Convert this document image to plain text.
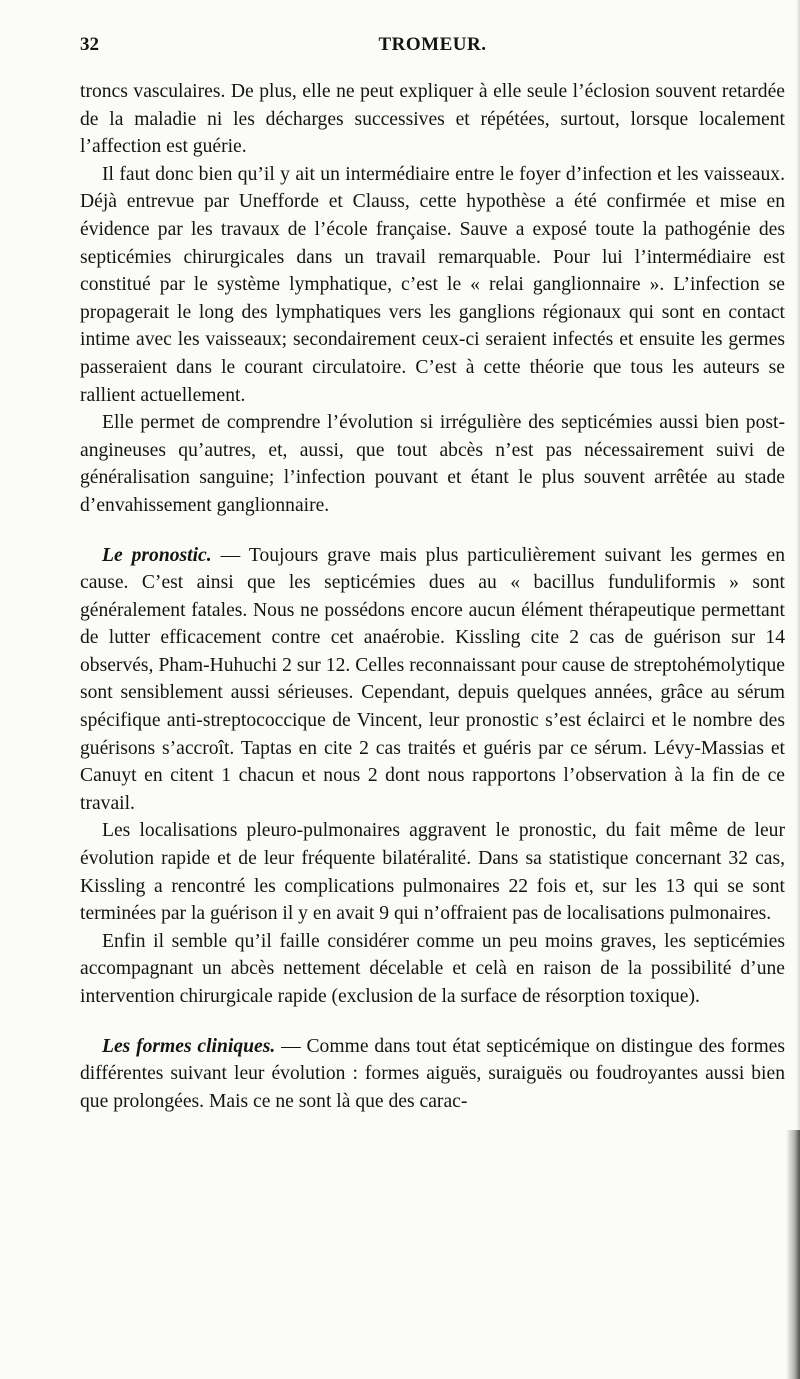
32	TROMEUR.

troncs vasculaires. De plus, elle ne peut expliquer à elle seule l’éclosion souvent retardée de la maladie ni les décharges successives et répétées, surtout, lorsque localement l’affection est guérie.

Il faut donc bien qu’il y ait un intermédiaire entre le foyer d’infection et les vaisseaux. Déjà entrevue par Unefforde et Clauss, cette hypothèse a été confirmée et mise en évidence par les travaux de l’école française. Sauve a exposé toute la pathogénie des septicémies chirurgicales dans un travail remarquable. Pour lui l’intermédiaire est constitué par le système lymphatique, c’est le « relai ganglionnaire ». L’infection se propagerait le long des lymphatiques vers les ganglions régionaux qui sont en contact intime avec les vaisseaux; secondairement ceux-ci seraient infectés et ensuite les germes passeraient dans le courant circulatoire. C’est à cette théorie que tous les auteurs se rallient actuellement.

Elle permet de comprendre l’évolution si irrégulière des septicémies aussi bien post-angineuses qu’autres, et, aussi, que tout abcès n’est pas nécessairement suivi de généralisation sanguine; l’infection pouvant et étant le plus souvent arrêtée au stade d’envahissement ganglionnaire.

Le pronostic. — Toujours grave mais plus particulièrement suivant les germes en cause. C’est ainsi que les septicémies dues au « bacillus funduliformis » sont généralement fatales. Nous ne possédons encore aucun élément thérapeutique permettant de lutter efficacement contre cet anaérobie. Kissling cite 2 cas de guérison sur 14 observés, Pham-Huhuchi 2 sur 12. Celles reconnaissant pour cause de streptohémolytique sont sensiblement aussi sérieuses. Cependant, depuis quelques années, grâce au sérum spécifique anti-streptococcique de Vincent, leur pronostic s’est éclairci et le nombre des guérisons s’accroît. Taptas en cite 2 cas traités et guéris par ce sérum. Lévy-Massias et Canuyt en citent 1 chacun et nous 2 dont nous rapportons l’observation à la fin de ce travail.

Les localisations pleuro-pulmonaires aggravent le pronostic, du fait même de leur évolution rapide et de leur fréquente bilatéralité. Dans sa statistique concernant 32 cas, Kissling a rencontré les complications pulmonaires 22 fois et, sur les 13 qui se sont terminées par la guérison il y en avait 9 qui n’offraient pas de localisations pulmonaires.

Enfin il semble qu’il faille considérer comme un peu moins graves, les septicémies accompagnant un abcès nettement décelable et celà en raison de la possibilité d’une intervention chirurgicale rapide (exclusion de la surface de résorption toxique).

Les formes cliniques. — Comme dans tout état septicémique on distingue des formes différentes suivant leur évolution : formes aiguës, suraiguës ou foudroyantes aussi bien que prolongées. Mais ce ne sont là que des carac-
